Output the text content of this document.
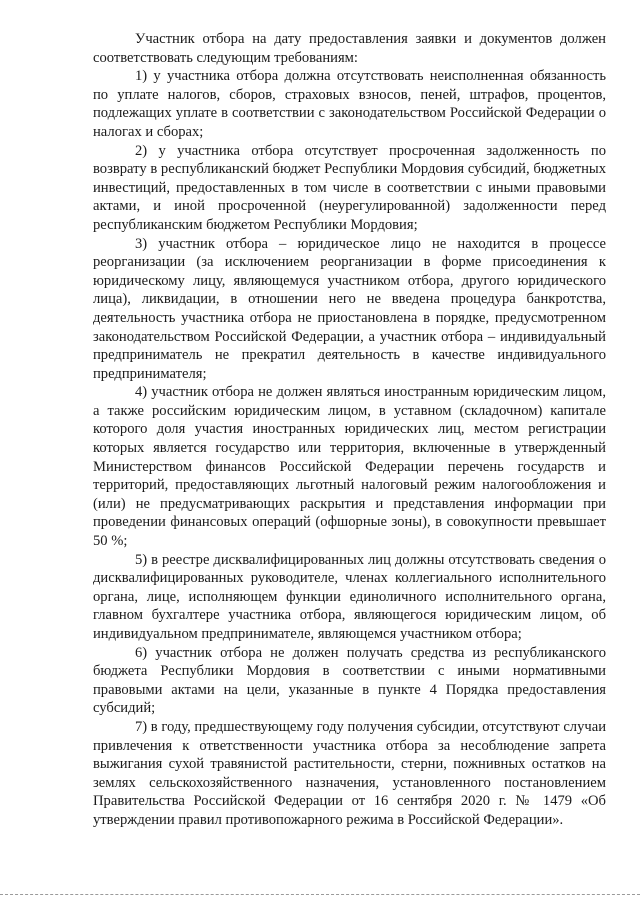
Участник отбора на дату предоставления заявки и документов должен соответствовать следующим требованиям:

1) у участника отбора должна отсутствовать неисполненная обязанность по уплате налогов, сборов, страховых взносов, пеней, штрафов, процентов, подлежащих уплате в соответствии с законодательством Российской Федерации о налогах и сборах;

2) у участника отбора отсутствует просроченная задолженность по возврату в республиканский бюджет Республики Мордовия субсидий, бюджетных инвестиций, предоставленных в том числе в соответствии с иными правовыми актами, и иной просроченной (неурегулированной) задолженности перед республиканским бюджетом Республики Мордовия;

3) участник отбора – юридическое лицо не находится в процессе реорганизации (за исключением реорганизации в форме присоединения к юридическому лицу, являющемуся участником отбора, другого юридического лица), ликвидации, в отношении него не введена процедура банкротства, деятельность участника отбора не приостановлена в порядке, предусмотренном законодательством Российской Федерации, а участник отбора – индивидуальный предприниматель не прекратил деятельность в качестве индивидуального предпринимателя;

4) участник отбора не должен являться иностранным юридическим лицом, а также российским юридическим лицом, в уставном (складочном) капитале которого доля участия иностранных юридических лиц, местом регистрации которых является государство или территория, включенные в утвержденный Министерством финансов Российской Федерации перечень государств и территорий, предоставляющих льготный налоговый режим налогообложения и (или) не предусматривающих раскрытия и представления информации при проведении финансовых операций (офшорные зоны), в совокупности превышает 50 %;

5) в реестре дисквалифицированных лиц должны отсутствовать сведения о дисквалифицированных руководителе, членах коллегиального исполнительного органа, лице, исполняющем функции единоличного исполнительного органа, главном бухгалтере участника отбора, являющегося юридическим лицом, об индивидуальном предпринимателе, являющемся участником отбора;

6) участник отбора не должен получать средства из республиканского бюджета Республики Мордовия в соответствии с иными нормативными правовыми актами на цели, указанные в пункте 4 Порядка предоставления субсидий;

7) в году, предшествующему году получения субсидии, отсутствуют случаи привлечения к ответственности участника отбора за несоблюдение запрета выжигания сухой травянистой растительности, стерни, пожнивных остатков на землях сельскохозяйственного назначения, установленного постановлением Правительства Российской Федерации от 16 сентября 2020 г. № 1479 «Об утверждении правил противопожарного режима в Российской Федерации».
